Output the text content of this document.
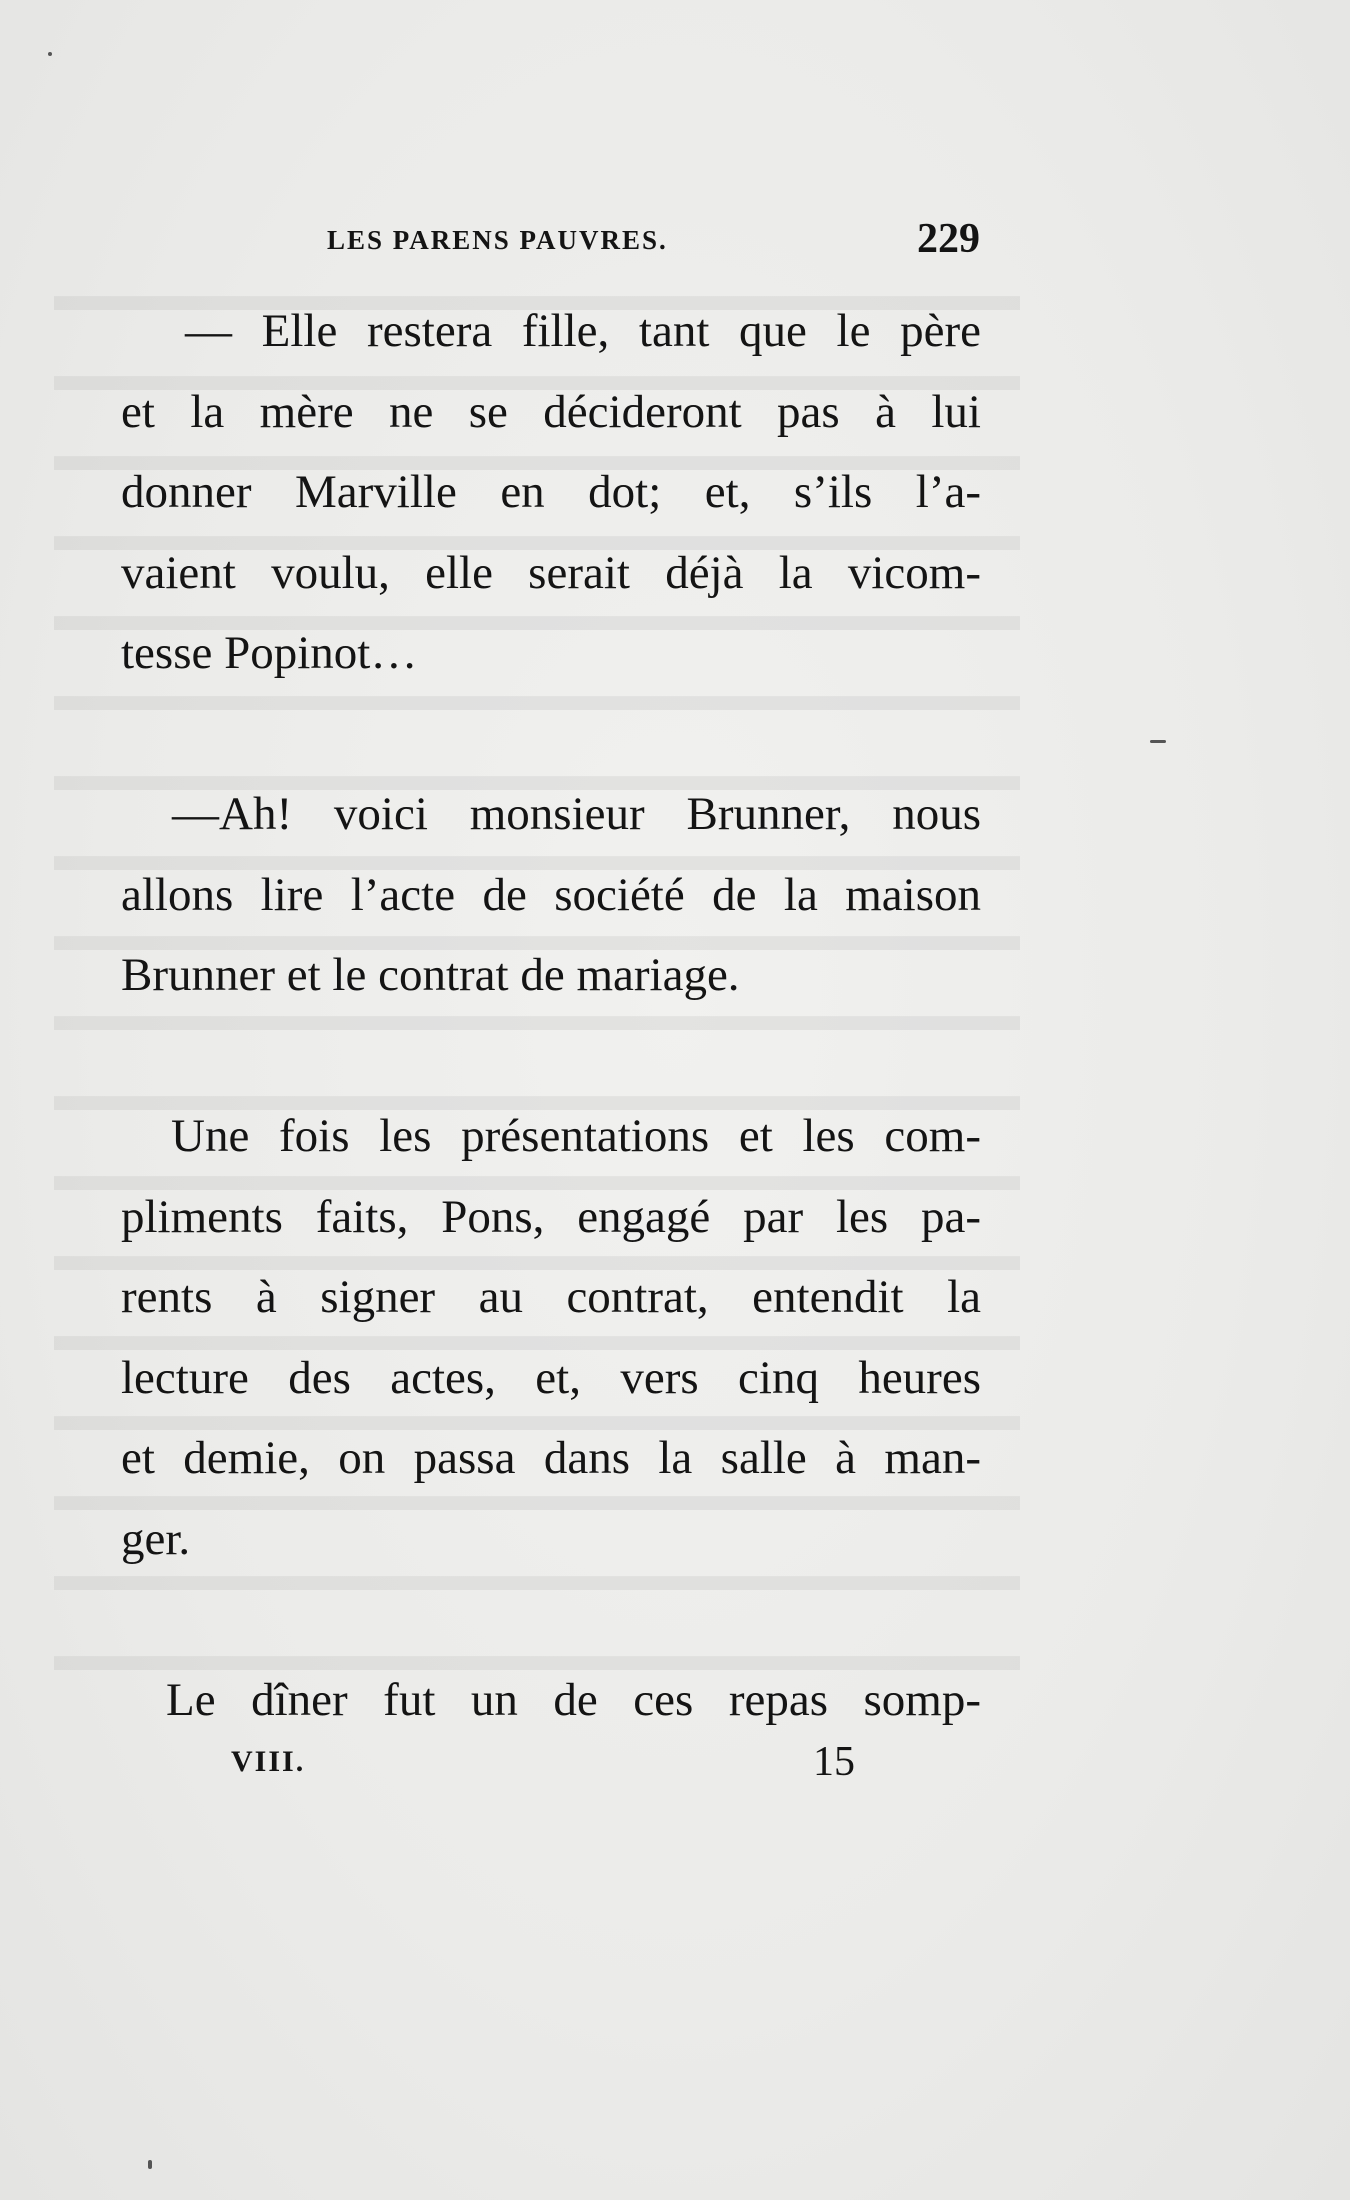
▬▬▬▬▬▬▬▬▬▬▬▬▬▬▬▬▬▬▬▬▬
▬▬▬▬▬▬▬▬▬▬▬▬▬▬▬▬▬▬▬▬▬
▬▬▬▬▬▬▬▬▬▬▬▬▬▬▬▬▬▬▬▬▬
▬▬▬▬▬▬▬▬▬▬▬▬▬▬▬▬▬▬▬▬▬
▬▬▬▬▬▬▬▬▬▬▬▬▬▬▬▬▬▬▬▬▬
▬▬▬▬▬▬▬▬▬▬▬▬▬▬▬▬▬▬▬▬▬
▬▬▬▬▬▬▬▬▬▬▬▬▬▬▬▬▬▬▬▬▬
▬▬▬▬▬▬▬▬▬▬▬▬▬▬▬▬▬▬▬▬▬
▬▬▬▬▬▬▬▬▬▬▬▬▬▬▬▬▬▬▬▬▬
▬▬▬▬▬▬▬▬▬▬▬▬▬▬▬▬▬▬▬▬▬
▬▬▬▬▬▬▬▬▬▬▬▬▬▬▬▬▬▬▬▬▬
▬▬▬▬▬▬▬▬▬▬▬▬▬▬▬▬▬▬▬▬▬
▬▬▬▬▬▬▬▬▬▬▬▬▬▬▬▬▬▬▬▬▬
▬▬▬▬▬▬▬▬▬▬▬▬▬▬▬▬▬▬▬▬▬
▬▬▬▬▬▬▬▬▬▬▬▬▬▬▬▬▬▬▬▬▬
▬▬▬▬▬▬▬▬▬▬▬▬▬▬▬▬▬▬▬▬▬
▬▬▬▬▬▬▬▬▬▬▬▬▬▬▬▬▬▬▬▬▬
▬▬▬▬▬▬▬▬▬▬▬▬▬▬▬▬▬▬▬▬▬
LES PARENS PAUVRES.	229

— Elle restera fille, tant que le père

et la mère ne se décideront pas à lui

donner Marville en dot; et, s’ils l’a-

vaient voulu, elle serait déjà la vicom-

tesse Popinot…

—Ah! voici monsieur Brunner, nous

allons lire l’acte de société de la maison

Brunner et le contrat de mariage.

Une fois les présentations et les com-

pliments faits, Pons, engagé par les pa-

rents à signer au contrat, entendit la

lecture des actes, et, vers cinq heures

et demie, on passa dans la salle à man-

ger.

Le dîner fut un de ces repas somp-

VIII.	15
